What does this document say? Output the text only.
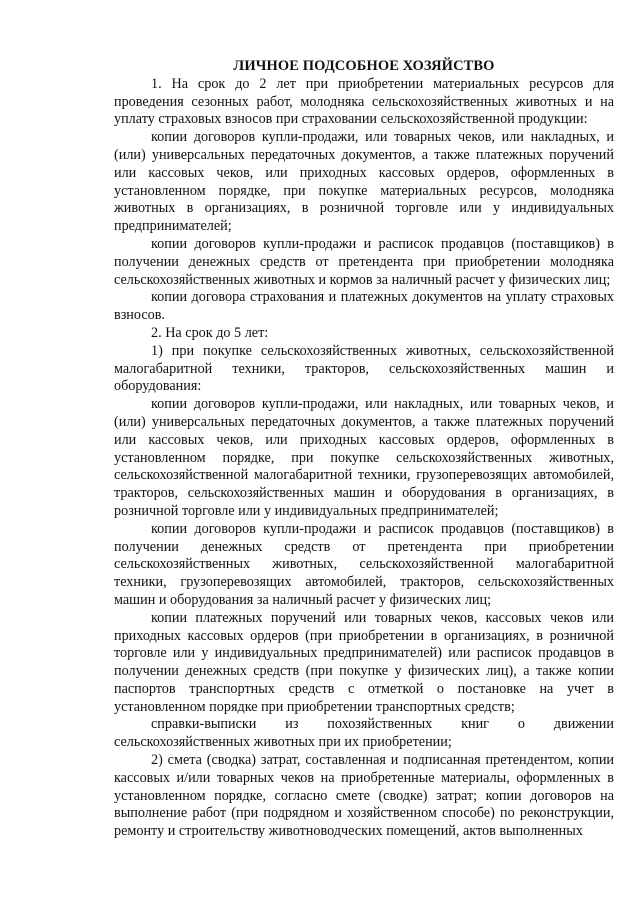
ЛИЧНОЕ ПОДСОБНОЕ ХОЗЯЙСТВО

1. На срок до 2 лет при приобретении материальных ресурсов для проведения сезонных работ, молодняка сельскохозяйственных животных и на уплату страховых взносов при страховании сельскохозяйственной продукции:

копии договоров купли-продажи, или товарных чеков, или накладных, и (или) универсальных передаточных документов, а также платежных поручений или кассовых чеков, или приходных кассовых ордеров, оформленных в установленном порядке, при покупке материальных ресурсов, молодняка животных в организациях, в розничной торговле или у индивидуальных предпринимателей;

копии договоров купли-продажи и расписок продавцов (поставщиков) в получении денежных средств от претендента при приобретении молодняка сельскохозяйственных животных и кормов за наличный расчет у физических лиц;

копии договора страхования и платежных документов на уплату страховых взносов.

2. На срок до 5 лет:

1) при покупке сельскохозяйственных животных, сельскохозяйственной малогабаритной техники, тракторов, сельскохозяйственных машин и оборудования:

копии договоров купли-продажи, или накладных, или товарных чеков, и (или) универсальных передаточных документов, а также платежных поручений или кассовых чеков, или приходных кассовых ордеров, оформленных в установленном порядке, при покупке сельскохозяйственных животных, сельскохозяйственной малогабаритной техники, грузоперевозящих автомобилей, тракторов, сельскохозяйственных машин и оборудования в организациях, в розничной торговле или у индивидуальных предпринимателей;

копии договоров купли-продажи и расписок продавцов (поставщиков) в получении денежных средств от претендента при приобретении сельскохозяйственных животных, сельскохозяйственной малогабаритной техники, грузоперевозящих автомобилей, тракторов, сельскохозяйственных машин и оборудования за наличный расчет у физических лиц;

копии платежных поручений или товарных чеков, кассовых чеков или приходных кассовых ордеров (при приобретении в организациях, в розничной торговле или у индивидуальных предпринимателей) или расписок продавцов в получении денежных средств (при покупке у физических лиц), а также копии паспортов транспортных средств с отметкой о постановке на учет в установленном порядке при приобретении транспортных средств;

справки-выписки из похозяйственных книг о движении сельскохозяйственных животных при их приобретении;

2) смета (сводка) затрат, составленная и подписанная претендентом, копии кассовых и/или товарных чеков на приобретенные материалы, оформленных в установленном порядке, согласно смете (сводке) затрат; копии договоров на выполнение работ (при подрядном и хозяйственном способе) по реконструкции, ремонту и строительству животноводческих помещений, актов выполненных
